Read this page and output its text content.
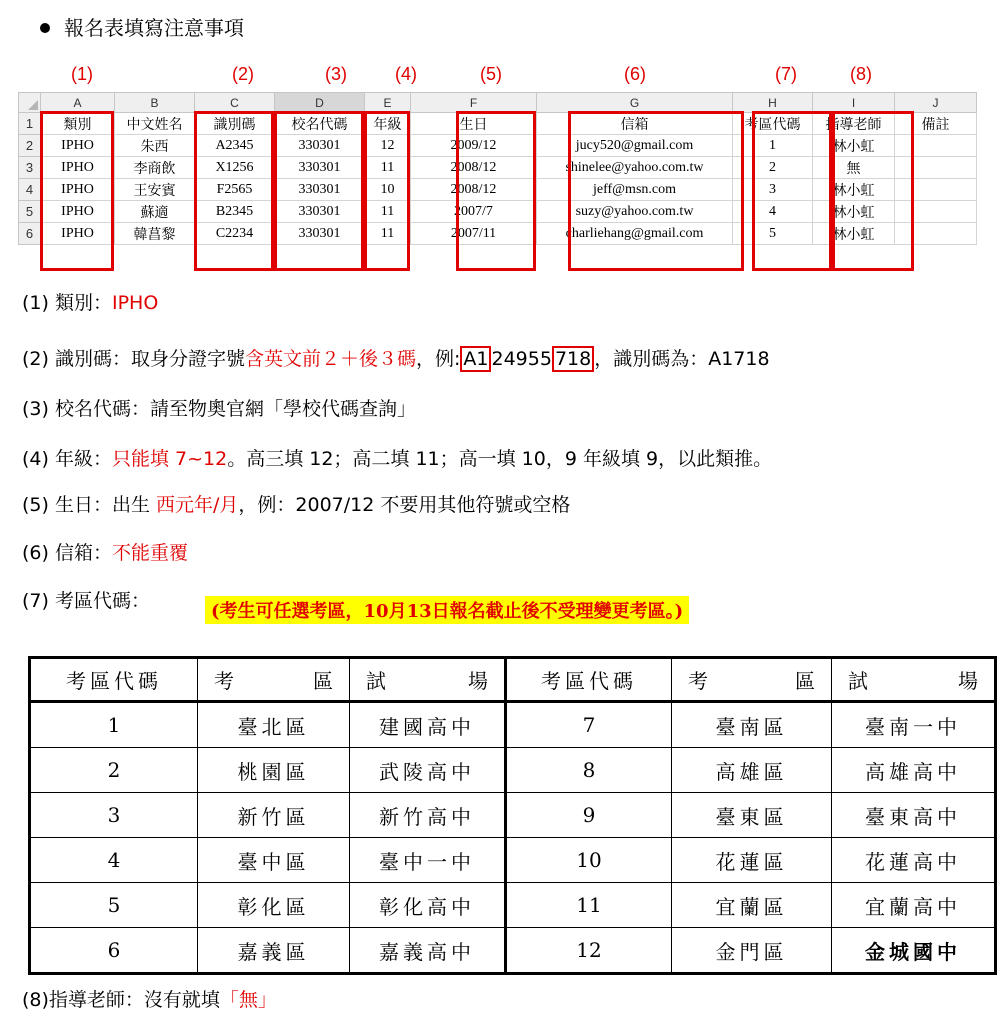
報名表填寫注意事項
(1)	(2)	(3)	(4)	(5)	(6)	(7)	(8)
	A	B	C	D	E	F	G	H	I	J
1	類別	中文姓名	識別碼	校名代碼	年級	生日	信箱	考區代碼	指導老師	備註
2	IPHO	朱西	A2345	330301	12	2009/12	jucy520@gmail.com	1	林小虹	
3	IPHO	李商飲	X1256	330301	11	2008/12	shinelee@yahoo.com.tw	2	無	
4	IPHO	王安賓	F2565	330301	10	2008/12	jeff@msn.com	3	林小虹	
5	IPHO	蘇適	B2345	330301	11	2007/7	suzy@yahoo.com.tw	4	林小虹	
6	IPHO	韓菖黎	C2234	330301	11	2007/11	charliehang@gmail.com	5	林小虹	
(1) 類別：IPHO
(2) 識別碼：取身分證字號含英文前２＋後３碼，例: A1 24955 718 ，識別碼為：A1718
(3) 校名代碼：請至物奧官網「學校代碼查詢」
(4) 年級：只能填 7~12。高三填 12；高二填 11；高一填 10，9 年級填 9，以此類推。
(5) 生日：出生 西元年/月，例：2007/12 不要用其他符號或空格
(6) 信箱：不能重覆
(7) 考區代碼：	(考生可任選考區，10月13日報名截止後不受理變更考區。)
考區代碼	考 區	試 場	考區代碼	考 區	試 場

1	臺北區	建國高中	7	臺南區	臺南一中
2	桃園區	武陵高中	8	高雄區	高雄高中
3	新竹區	新竹高中	9	臺東區	臺東高中
4	臺中區	臺中一中	10	花蓮區	花蓮高中
5	彰化區	彰化高中	11	宜蘭區	宜蘭高中
6	嘉義區	嘉義高中	12	金門區	金城國中
(8)指導老師：沒有就填「無」
